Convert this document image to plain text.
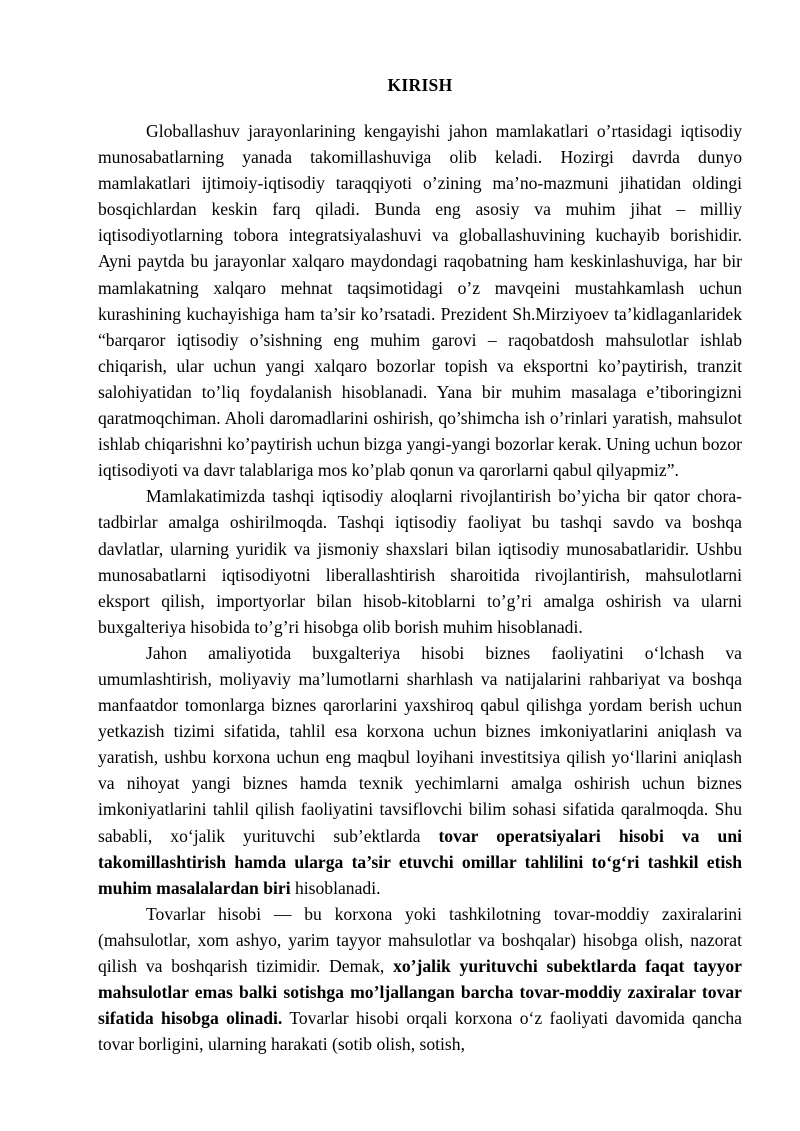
KIRISH

Globallashuv jarayonlarining kengayishi jahon mamlakatlari o’rtasidagi iqtisodiy munosabatlarning yanada takomillashuviga olib keladi. Hozirgi davrda dunyo mamlakatlari ijtimoiy-iqtisodiy taraqqiyoti o’zining ma’no-mazmuni jihatidan oldingi bosqichlardan keskin farq qiladi. Bunda eng asosiy va muhim jihat – milliy iqtisodiyotlarning tobora integratsiyalashuvi va globallashuvining kuchayib borishidir. Ayni paytda bu jarayonlar xalqaro maydondagi raqobatning ham keskinlashuviga, har bir mamlakatning xalqaro mehnat taqsimotidagi o’z mavqeini mustahkamlash uchun kurashining kuchayishiga ham ta’sir ko’rsatadi. Prezident Sh.Mirziyoev ta’kidlaganlaridek “barqaror iqtisodiy o’sishning eng muhim garovi – raqobatdosh mahsulotlar ishlab chiqarish, ular uchun yangi xalqaro bozorlar topish va eksportni ko’paytirish, tranzit salohiyatidan to’liq foydalanish hisoblanadi. Yana bir muhim masalaga e’tiboringizni qaratmoqchiman. Aholi daromadlarini oshirish, qo’shimcha ish o’rinlari yaratish, mahsulot ishlab chiqarishni ko’paytirish uchun bizga yangi-yangi bozorlar kerak. Uning uchun bozor iqtisodiyoti va davr talablariga mos ko’plab qonun va qarorlarni qabul qilyapmiz”.

Mamlakatimizda tashqi iqtisodiy aloqlarni rivojlantirish bo’yicha bir qator chora-tadbirlar amalga oshirilmoqda. Tashqi iqtisodiy faoliyat bu tashqi savdo va boshqa davlatlar, ularning yuridik va jismoniy shaxslari bilan iqtisodiy munosabatlaridir. Ushbu munosabatlarni iqtisodiyotni liberallashtirish sharoitida rivojlantirish, mahsulotlarni eksport qilish, importyorlar bilan hisob-kitoblarni to’g’ri amalga oshirish va ularni buxgalteriya hisobida to’g’ri hisobga olib borish muhim hisoblanadi.

Jahon amaliyotida buxgalteriya hisobi biznes faoliyatini oʻlchash va umumlashtirish, moliyaviy ma’lumotlarni sharhlash va natijalarini rahbariyat va boshqa manfaatdor tomonlarga biznes qarorlarini yaxshiroq qabul qilishga yordam berish uchun yetkazish tizimi sifatida, tahlil esa korxona uchun biznes imkoniyatlarini aniqlash va yaratish, ushbu korxona uchun eng maqbul loyihani investitsiya qilish yoʻllarini aniqlash va nihoyat yangi biznes hamda texnik yechimlarni amalga oshirish uchun biznes imkoniyatlarini tahlil qilish faoliyatini tavsiflovchi bilim sohasi sifatida qaralmoqda. Shu sababli, xoʻjalik yurituvchi sub’ektlarda tovar operatsiyalari hisobi va uni takomillashtirish hamda ularga ta’sir etuvchi omillar tahlilini toʻgʻri tashkil etish muhim masalalardan biri hisoblanadi.

Tovarlar hisobi — bu korxona yoki tashkilotning tovar-moddiy zaxiralarini (mahsulotlar, xom ashyo, yarim tayyor mahsulotlar va boshqalar) hisobga olish, nazorat qilish va boshqarish tizimidir. Demak, xo’jalik yurituvchi subektlarda faqat tayyor mahsulotlar emas balki sotishga mo’ljallangan barcha tovar-moddiy zaxiralar tovar sifatida hisobga olinadi. Tovarlar hisobi orqali korxona oʻz faoliyati davomida qancha tovar borligini, ularning harakati (sotib olish, sotish,
